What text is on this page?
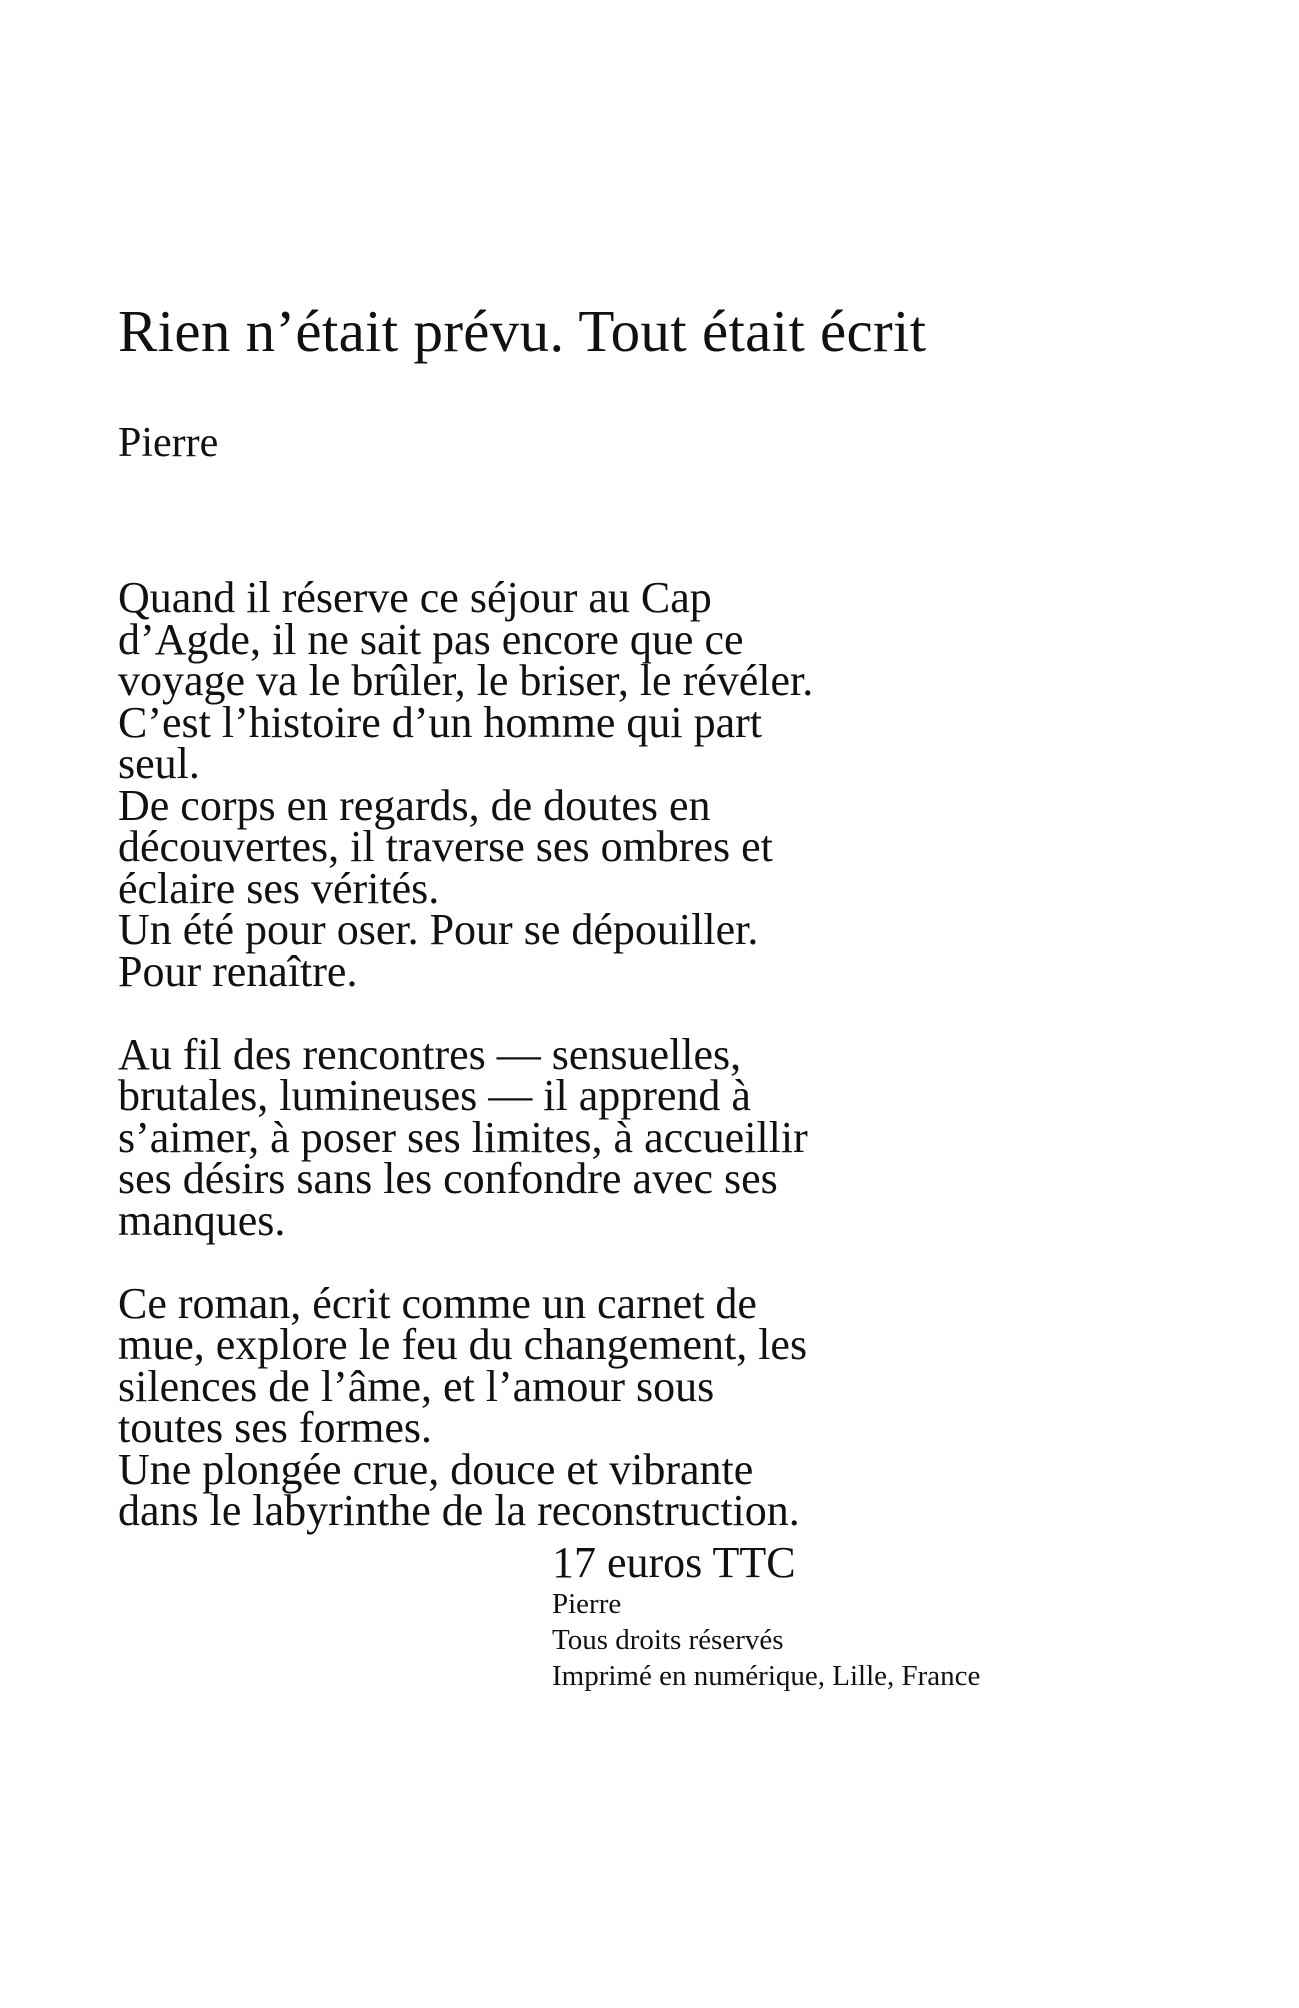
Rien n’était prévu. Tout était écrit

Pierre

Quand il réserve ce séjour au Cap
d’Agde, il ne sait pas encore que ce
voyage va le brûler, le briser, le révéler.
C’est l’histoire d’un homme qui part
seul.
De corps en regards, de doutes en
découvertes, il traverse ses ombres et
éclaire ses vérités.
Un été pour oser. Pour se dépouiller.
Pour renaître.

Au fil des rencontres — sensuelles,
brutales, lumineuses — il apprend à
s’aimer, à poser ses limites, à accueillir
ses désirs sans les confondre avec ses
manques.

Ce roman, écrit comme un carnet de
mue, explore le feu du changement, les
silences de l’âme, et l’amour sous
toutes ses formes.
Une plongée crue, douce et vibrante
dans le labyrinthe de la reconstruction.

17 euros TTC

Pierre

Tous droits réservés

Imprimé en numérique, Lille, France
